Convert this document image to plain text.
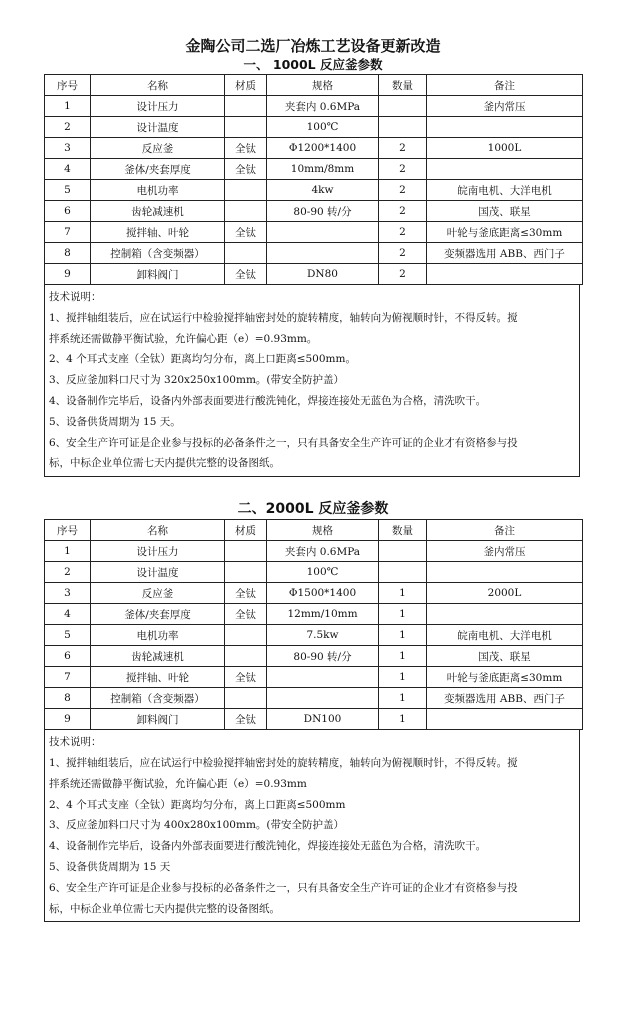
金陶公司二选厂冶炼工艺设备更新改造
一、 1000L 反应釜参数
序号	名称	材质	规格	数量	备注
1	设计压力		夹套内 0.6MPa		釜内常压
2	设计温度		100℃		
3	反应釜	全钛	Φ1200*1400	2	1000L
4	釜体/夹套厚度	全钛	10mm/8mm	2	
5	电机功率		4kw	2	皖南电机、大洋电机
6	齿轮减速机		80-90 转/分	2	国茂、联星
7	搅拌轴、叶轮	全钛		2	叶轮与釜底距离≤30mm
8	控制箱（含变频器）			2	变频器选用 ABB、西门子
9	卸料阀门	全钛	DN80	2	

技术说明：

1、搅拌轴组装后，应在试运行中检验搅拌轴密封处的旋转精度，轴转向为俯视顺时针，不得反转。搅

拌系统还需做静平衡试验，允许偏心距（e）=0.93mm。

2、4 个耳式支座（全钛）距离均匀分布，离上口距离≤500mm。

3、反应釜加料口尺寸为 320x250x100mm。(带安全防护盖）

4、设备制作完毕后，设备内外部表面要进行酸洗钝化，焊接连接处无蓝色为合格，清洗吹干。

5、设备供货周期为 15 天。

6、安全生产许可证是企业参与投标的必备条件之一，只有具备安全生产许可证的企业才有资格参与投

标，中标企业单位需七天内提供完整的设备图纸。

二、2000L 反应釜参数
序号	名称	材质	规格	数量	备注
1	设计压力		夹套内 0.6MPa		釜内常压
2	设计温度		100℃		
3	反应釜	全钛	Φ1500*1400	1	2000L
4	釜体/夹套厚度	全钛	12mm/10mm	1	
5	电机功率		7.5kw	1	皖南电机、大洋电机
6	齿轮减速机		80-90 转/分	1	国茂、联星
7	搅拌轴、叶轮	全钛		1	叶轮与釜底距离≤30mm
8	控制箱（含变频器）			1	变频器选用 ABB、西门子
9	卸料阀门	全钛	DN100	1	

技术说明：

1、搅拌轴组装后，应在试运行中检验搅拌轴密封处的旋转精度，轴转向为俯视顺时针，不得反转。搅

拌系统还需做静平衡试验，允许偏心距（e）=0.93mm

2、4 个耳式支座（全钛）距离均匀分布，离上口距离≤500mm

3、反应釜加料口尺寸为 400x280x100mm。(带安全防护盖）

4、设备制作完毕后，设备内外部表面要进行酸洗钝化，焊接连接处无蓝色为合格，清洗吹干。

5、设备供货周期为 15 天

6、安全生产许可证是企业参与投标的必备条件之一，只有具备安全生产许可证的企业才有资格参与投

标，中标企业单位需七天内提供完整的设备图纸。
